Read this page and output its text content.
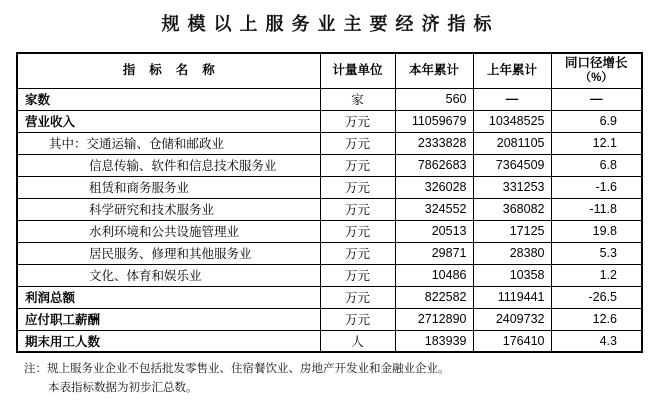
规模以上服务业主要经济指标
指标名称	计量单位	本年累计	上年累计	同口径增长
（%）

家数	家	560	—	—
营业收入	万元	11059679	10348525	6.9
其中：交通运输、仓储和邮政业	万元	2333828	2081105	12.1
信息传输、软件和信息技术服务业	万元	7862683	7364509	6.8
租赁和商务服务业	万元	326028	331253	-1.6
科学研究和技术服务业	万元	324552	368082	-11.8
水利环境和公共设施管理业	万元	20513	17125	19.8
居民服务、修理和其他服务业	万元	29871	28380	5.3
文化、体育和娱乐业	万元	10486	10358	1.2
利润总额	万元	822582	1119441	-26.5
应付职工薪酬	万元	2712890	2409732	12.6
期末用工人数	人	183939	176410	4.3
注：规上服务业企业不包括批发零售业、住宿餐饮业、房地产开发业和金融业企业。
本表指标数据为初步汇总数。
